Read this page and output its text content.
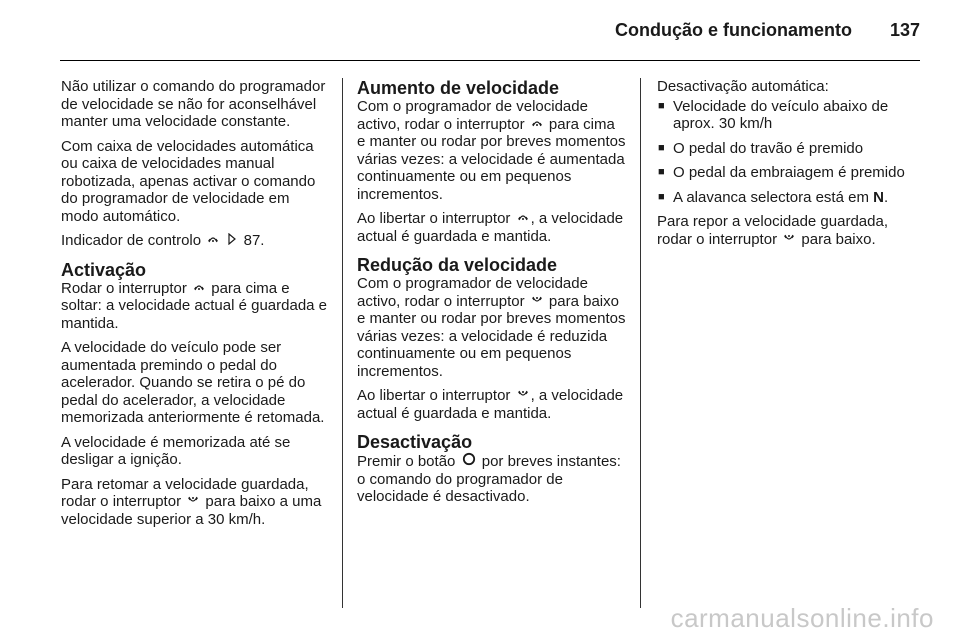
Condução e funcionamento 137

Não utilizar o comando do programador de velocidade se não for aconselhável manter uma velocidade constante.

Com caixa de velocidades automática ou caixa de velocidades manual robotizada, apenas activar o comando do programador de velocidade em modo automático.

Indicador de controlo	87.

Activação

Rodar o interruptor para cima e soltar: a velocidade actual é guardada e mantida.

A velocidade do veículo pode ser aumentada premindo o pedal do acelerador. Quando se retira o pé do pedal do acelerador, a velocidade memorizada anteriormente é retomada.

A velocidade é memorizada até se desligar a ignição.

Para retomar a velocidade guardada, rodar o interruptor para baixo a uma velocidade superior a 30 km/h.

Aumento de velocidade

Com o programador de velocidade activo, rodar o interruptor para cima e manter ou rodar por breves momentos várias vezes: a velocidade é aumentada continuamente ou em pequenos incrementos.

Ao libertar o interruptor , a velocidade actual é guardada e mantida.

Redução da velocidade

Com o programador de velocidade activo, rodar o interruptor para baixo e manter ou rodar por breves momentos várias vezes: a velocidade é reduzida continuamente ou em pequenos incrementos.

Ao libertar o interruptor , a velocidade actual é guardada e mantida.

Desactivação

Premir o botão por breves instantes: o comando do programador de velocidade é desactivado.

Desactivação automática:

■ Velocidade do veículo abaixo de aprox. 30 km/h
■ O pedal do travão é premido
■ O pedal da embraiagem é premido
■ A alavanca selectora está em N.

Para repor a velocidade guardada, rodar o interruptor para baixo.

carmanualsonline.info
